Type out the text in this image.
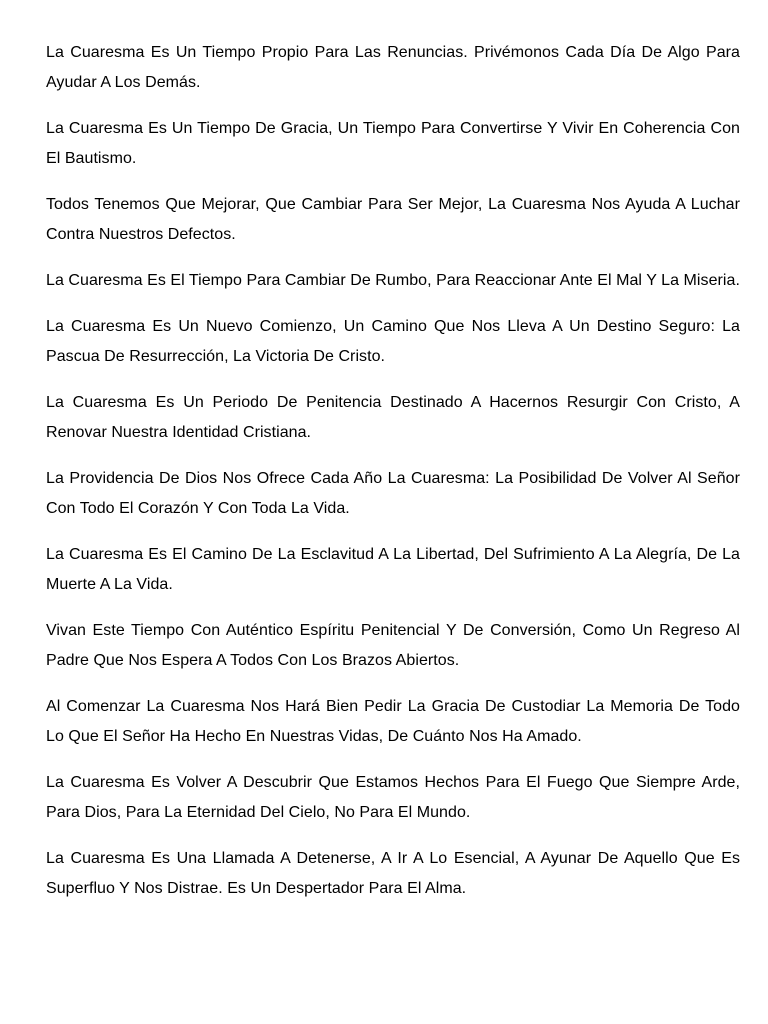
La Cuaresma Es Un Tiempo Propio Para Las Renuncias. Privémonos Cada Día De Algo Para Ayudar A Los Demás.

La Cuaresma Es Un Tiempo De Gracia, Un Tiempo Para Convertirse Y Vivir En Coherencia Con El Bautismo.

Todos Tenemos Que Mejorar, Que Cambiar Para Ser Mejor, La Cuaresma Nos Ayuda A Luchar Contra Nuestros Defectos.

La Cuaresma Es El Tiempo Para Cambiar De Rumbo, Para Reaccionar Ante El Mal Y La Miseria.

La Cuaresma Es Un Nuevo Comienzo, Un Camino Que Nos Lleva A Un Destino Seguro: La Pascua De Resurrección, La Victoria De Cristo.

La Cuaresma Es Un Periodo De Penitencia Destinado A Hacernos Resurgir Con Cristo, A Renovar Nuestra Identidad Cristiana.

La Providencia De Dios Nos Ofrece Cada Año La Cuaresma: La Posibilidad De Volver Al Señor Con Todo El Corazón Y Con Toda La Vida.

La Cuaresma Es El Camino De La Esclavitud A La Libertad, Del Sufrimiento A La Alegría, De La Muerte A La Vida.

Vivan Este Tiempo Con Auténtico Espíritu Penitencial Y De Conversión, Como Un Regreso Al Padre Que Nos Espera A Todos Con Los Brazos Abiertos.

Al Comenzar La Cuaresma Nos Hará Bien Pedir La Gracia De Custodiar La Memoria De Todo Lo Que El Señor Ha Hecho En Nuestras Vidas, De Cuánto Nos Ha Amado.

La Cuaresma Es Volver A Descubrir Que Estamos Hechos Para El Fuego Que Siempre Arde, Para Dios, Para La Eternidad Del Cielo, No Para El Mundo.

La Cuaresma Es Una Llamada A Detenerse, A Ir A Lo Esencial, A Ayunar De Aquello Que Es Superfluo Y Nos Distrae. Es Un Despertador Para El Alma.
